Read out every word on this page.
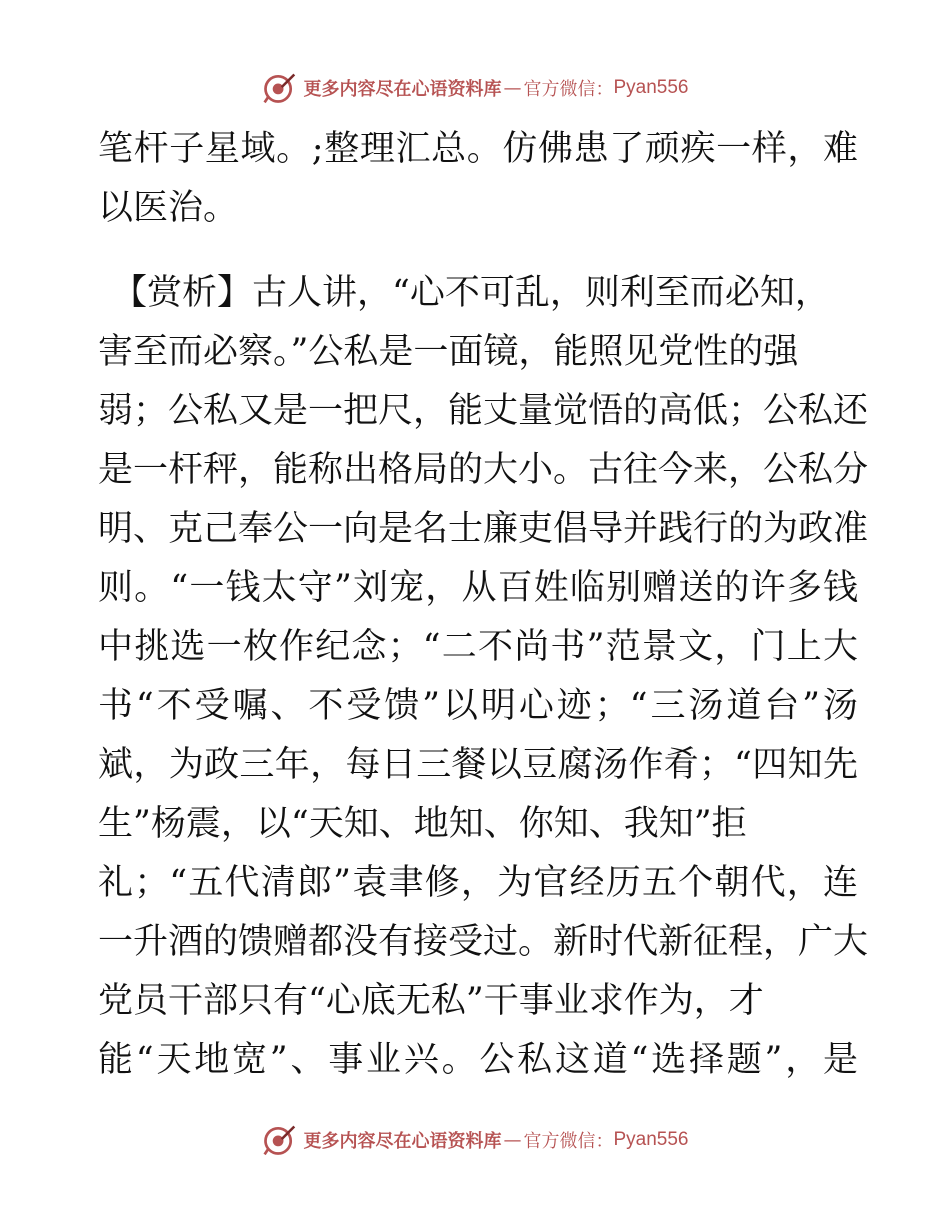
更多内容尽在心语资料库 — 官方微信： Pyan556
笔杆子星域。;整理汇总。仿佛患了顽疾一样，难
以医治。
【赏析】古人讲，“心不可乱，则利至而必知，
害至而必察。”公私是一面镜，能照见党性的强
弱；公私又是一把尺，能丈量觉悟的高低；公私还
是一杆秤，能称出格局的大小。古往今来，公私分
明、克己奉公一向是名士廉吏倡导并践行的为政准
则。“一钱太守”刘宠，从百姓临别赠送的许多钱
中挑选一枚作纪念；“二不尚书”范景文，门上大
书“不受嘱、不受馈”以明心迹；“三汤道台”汤
斌，为政三年，每日三餐以豆腐汤作肴；“四知先
生”杨震，以“天知、地知、你知、我知”拒
礼；“五代清郎”袁聿修，为官经历五个朝代，连
一升酒的馈赠都没有接受过。新时代新征程，广大
党员干部只有“心底无私”干事业求作为，才
能“天地宽”、事业兴。公私这道“选择题”，是
更多内容尽在心语资料库 — 官方微信： Pyan556
